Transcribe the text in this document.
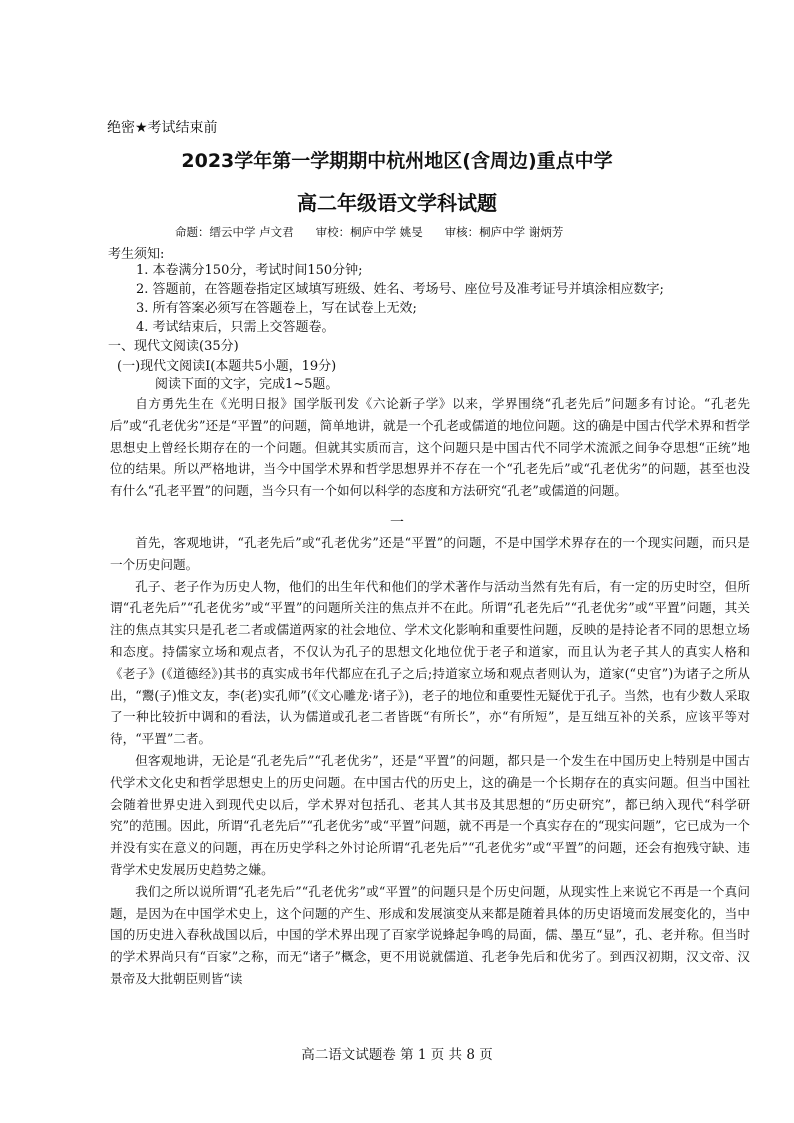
绝密★考试结束前
2023学年第一学期期中杭州地区(含周边)重点中学
高二年级语文学科试题
命题：缙云中学 卢文君      审校：桐庐中学 姚旻      审核：桐庐中学 谢炳芳
考生须知:
1. 本卷满分150分，考试时间150分钟;
2. 答题前，在答题卷指定区域填写班级、姓名、考场号、座位号及准考证号并填涂相应数字;
3. 所有答案必须写在答题卷上，写在试卷上无效;
4. 考试结束后，只需上交答题卷。
一、现代文阅读(35分)
(一)现代文阅读Ⅰ(本题共5小题，19分)
阅读下面的文字，完成1~5题。

自方勇先生在《光明日报》国学版刊发《六论新子学》以来，学界围绕“孔老先后”问题多有讨论。“孔老先后”或“孔老优劣”还是“平置”的问题，简单地讲，就是一个孔老或儒道的地位问题。这的确是中国古代学术界和哲学思想史上曾经长期存在的一个问题。但就其实质而言，这个问题只是中国古代不同学术流派之间争夺思想“正统”地位的结果。所以严格地讲，当今中国学术界和哲学思想界并不存在一个“孔老先后”或“孔老优劣”的问题，甚至也没有什么“孔老平置”的问题，当今只有一个如何以科学的态度和方法研究“孔老”或儒道的问题。

一

首先，客观地讲，“孔老先后”或“孔老优劣”还是“平置”的问题，不是中国学术界存在的一个现实问题，而只是一个历史问题。

孔子、老子作为历史人物，他们的出生年代和他们的学术著作与活动当然有先有后，有一定的历史时空，但所谓“孔老先后”“孔老优劣”或“平置”的问题所关注的焦点并不在此。所谓“孔老先后”“孔老优劣”或“平置”问题，其关注的焦点其实只是孔老二者或儒道两家的社会地位、学术文化影响和重要性问题，反映的是持论者不同的思想立场和态度。持儒家立场和观点者，不仅认为孔子的思想文化地位优于老子和道家，而且认为老子其人的真实人格和《老子》(《道德经》)其书的真实成书年代都应在孔子之后;持道家立场和观点者则认为，道家(“史官”)为诸子之所从出，“鬻(子)惟文友，李(老)实孔师”(《文心雕龙·诸子》)，老子的地位和重要性无疑优于孔子。当然，也有少数人采取了一种比较折中调和的看法，认为儒道或孔老二者皆既“有所长”，亦“有所短”，是互绌互补的关系，应该平等对待，“平置”二者。

但客观地讲，无论是“孔老先后”“孔老优劣”，还是“平置”的问题，都只是一个发生在中国历史上特别是中国古代学术文化史和哲学思想史上的历史问题。在中国古代的历史上，这的确是一个长期存在的真实问题。但当中国社会随着世界史进入到现代史以后，学术界对包括孔、老其人其书及其思想的“历史研究”，都已纳入现代“科学研究”的范围。因此，所谓“孔老先后”“孔老优劣”或“平置”问题，就不再是一个真实存在的“现实问题”，它已成为一个并没有实在意义的问题，再在历史学科之外讨论所谓“孔老先后”“孔老优劣”或“平置”的问题，还会有抱残守缺、违背学术史发展历史趋势之嫌。

我们之所以说所谓“孔老先后”“孔老优劣”或“平置”的问题只是个历史问题，从现实性上来说它不再是一个真问题，是因为在中国学术史上，这个问题的产生、形成和发展演变从来都是随着具体的历史语境而发展变化的，当中国的历史进入春秋战国以后，中国的学术界出现了百家学说蜂起争鸣的局面，儒、墨互“显”，孔、老并称。但当时的学术界尚只有“百家”之称，而无“诸子”概念，更不用说就儒道、孔老争先后和优劣了。到西汉初期，汉文帝、汉景帝及大批朝臣则皆“读

高二语文试题卷 第 1 页 共 8 页
